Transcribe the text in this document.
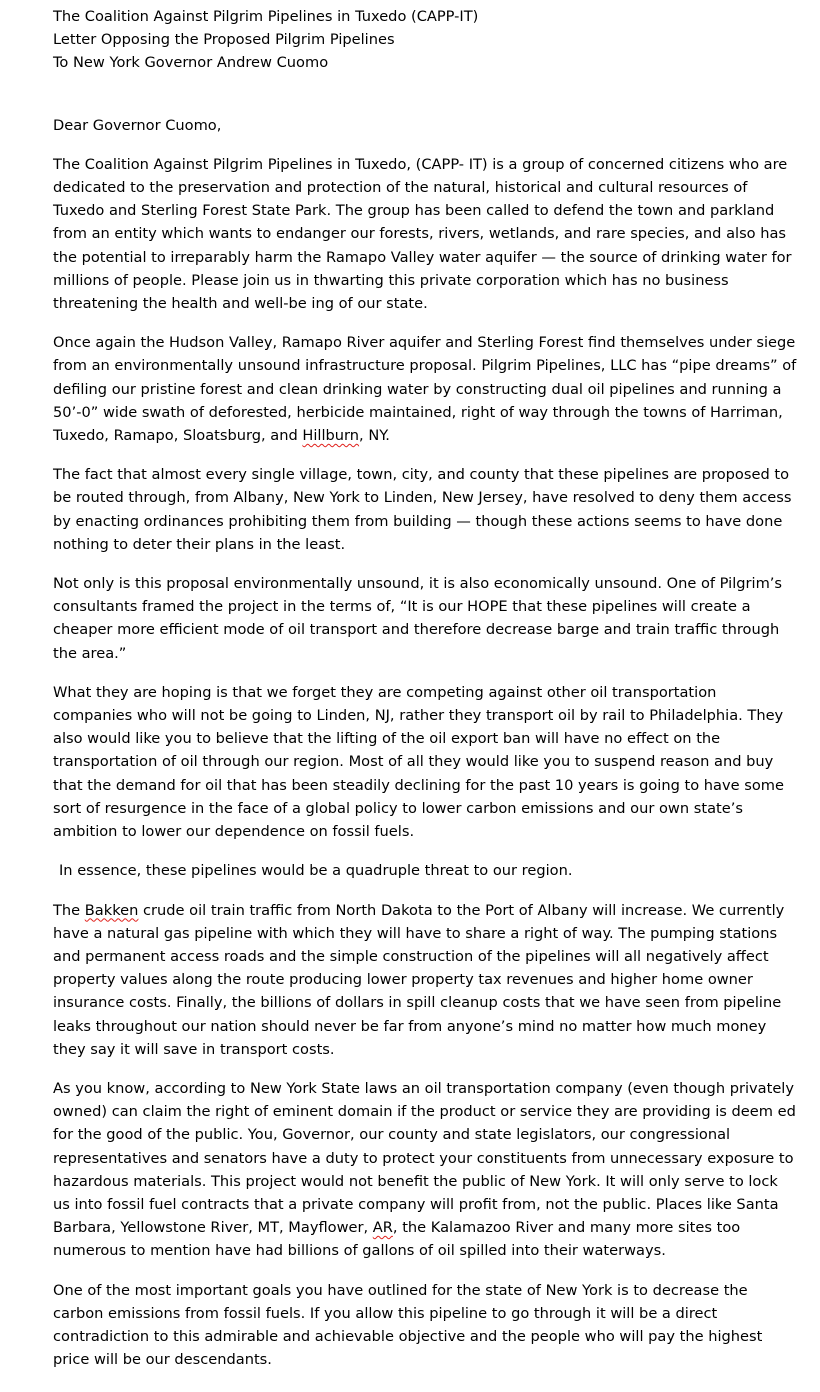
The Coalition Against Pilgrim Pipelines in Tuxedo (CAPP-IT)

Letter Opposing the Proposed Pilgrim Pipelines

To New York Governor Andrew Cuomo

Dear Governor Cuomo,

The Coalition Against Pilgrim Pipelines in Tuxedo, (CAPP- IT) is a group of concerned citizens who are dedicated to the preservation and protection of the natural, historical and cultural resources of Tuxedo and Sterling Forest State Park. The group has been called to defend the town and parkland from an entity which wants to endanger our forests, rivers, wetlands, and rare species, and also has the potential to irreparably harm the Ramapo Valley water aquifer — the source of drinking water for millions of people. Please join us in thwarting this private corporation which has no business threatening the health and well-be ing of our state.

Once again the Hudson Valley, Ramapo River aquifer and Sterling Forest find themselves under siege from an environmentally unsound infrastructure proposal. Pilgrim Pipelines, LLC has “pipe dreams” of defiling our pristine forest and clean drinking water by constructing dual oil pipelines and running a 50’-0” wide swath of deforested, herbicide maintained, right of way through the towns of Harriman, Tuxedo, Ramapo, Sloatsburg, and Hillburn, NY.

The fact that almost every single village, town, city, and county that these pipelines are proposed to be routed through, from Albany, New York to Linden, New Jersey, have resolved to deny them access by enacting ordinances prohibiting them from building — though these actions seems to have done nothing to deter their plans in the least.

Not only is this proposal environmentally unsound, it is also economically unsound. One of Pilgrim’s consultants framed the project in the terms of, “It is our HOPE that these pipelines will create a cheaper more efficient mode of oil transport and therefore decrease barge and train traffic through the area.”

What they are hoping is that we forget they are competing against other oil transportation companies who will not be going to Linden, NJ, rather they transport oil by rail to Philadelphia. They also would like you to believe that the lifting of the oil export ban will have no effect on the transportation of oil through our region. Most of all they would like you to suspend reason and buy that the demand for oil that has been steadily declining for the past 10 years is going to have some sort of resurgence in the face of a global policy to lower carbon emissions and our own state’s ambition to lower our dependence on fossil fuels.

In essence, these pipelines would be a quadruple threat to our region.

The Bakken crude oil train traffic from North Dakota to the Port of Albany will increase. We currently have a natural gas pipeline with which they will have to share a right of way. The pumping stations and permanent access roads and the simple construction of the pipelines will all negatively affect property values along the route producing lower property tax revenues and higher home owner insurance costs. Finally, the billions of dollars in spill cleanup costs that we have seen from pipeline leaks throughout our nation should never be far from anyone’s mind no matter how much money they say it will save in transport costs.

As you know, according to New York State laws an oil transportation company (even though privately owned) can claim the right of eminent domain if the product or service they are providing is deem ed for the good of the public. You, Governor, our county and state legislators, our congressional representatives and senators have a duty to protect your constituents from unnecessary exposure to hazardous materials. This project would not benefit the public of New York. It will only serve to lock us into fossil fuel contracts that a private company will profit from, not the public. Places like Santa Barbara, Yellowstone River, MT, Mayflower, AR, the Kalamazoo River and many more sites too numerous to mention have had billions of gallons of oil spilled into their waterways.

One of the most important goals you have outlined for the state of New York is to decrease the carbon emissions from fossil fuels. If you allow this pipeline to go through it will be a direct contradiction to this admirable and achievable objective and the people who will pay the highest price will be our descendants.
